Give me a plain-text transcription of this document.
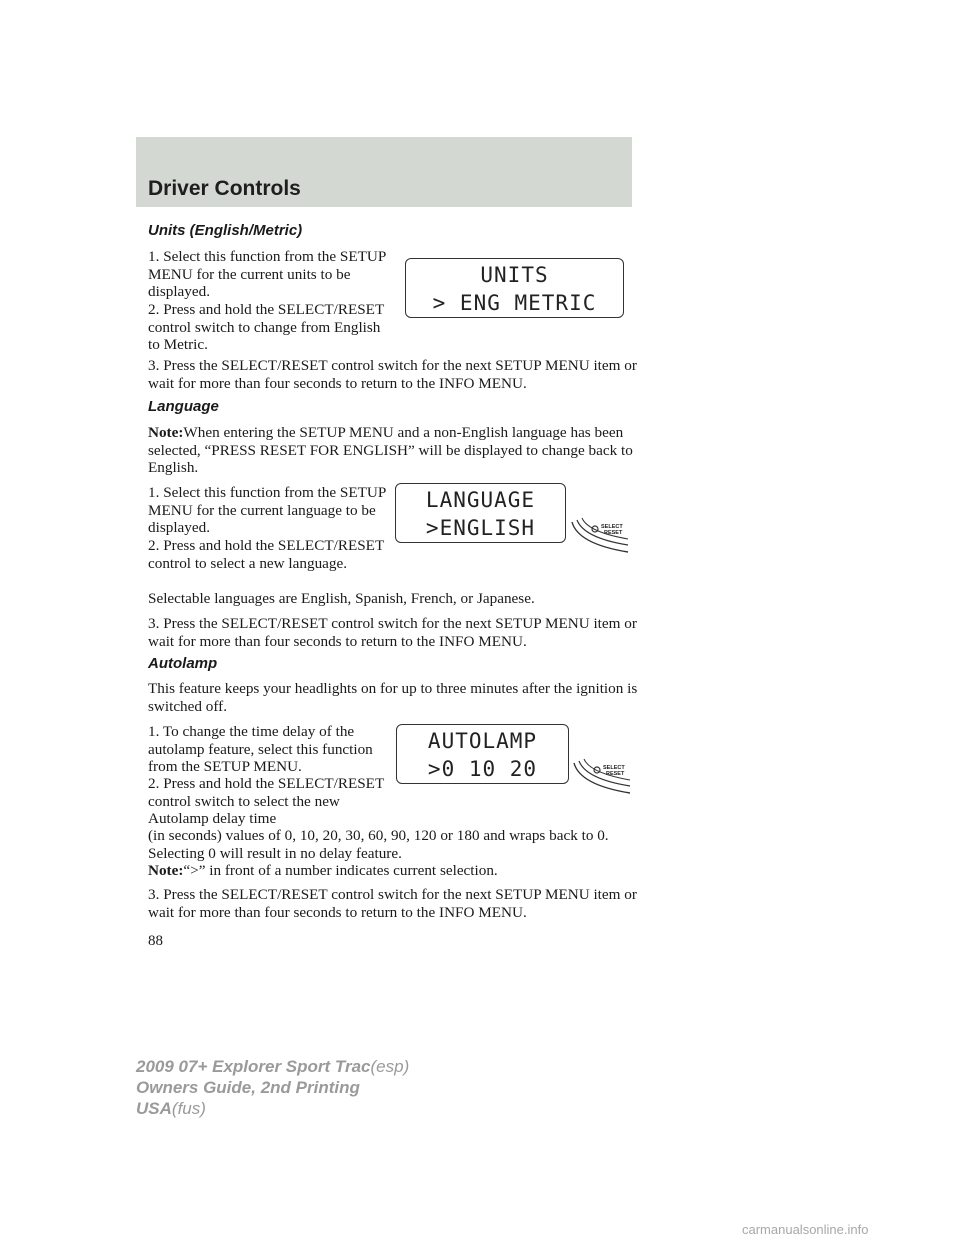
Driver Controls
Units (English/Metric)

1. Select this function from the SETUP MENU for the current units to be displayed.

2. Press and hold the SELECT/RESET control switch to change from English to Metric.

3. Press the SELECT/RESET control switch for the next SETUP MENU item or wait for more than four seconds to return to the INFO MENU.

Language

Note:When entering the SETUP MENU and a non-English language has been selected, “PRESS RESET FOR ENGLISH” will be displayed to change back to English.

1. Select this function from the SETUP MENU for the current language to be displayed.

2. Press and hold the SELECT/RESET control to select a new language.

Selectable languages are English, Spanish, French, or Japanese.

3. Press the SELECT/RESET control switch for the next SETUP MENU item or wait for more than four seconds to return to the INFO MENU.

Autolamp

This feature keeps your headlights on for up to three minutes after the ignition is switched off.

1. To change the time delay of the autolamp feature, select this function from the SETUP MENU.

2. Press and hold the SELECT/RESET control switch to select the new Autolamp delay time

(in seconds) values of 0, 10, 20, 30, 60, 90, 120 or 180 and wraps back to 0. Selecting 0 will result in no delay feature.

Note:“>” in front of a number indicates current selection.

3. Press the SELECT/RESET control switch for the next SETUP MENU item or wait for more than four seconds to return to the INFO MENU.

88

UNITS
> ENG METRIC
LANGUAGE
>ENGLISH	SELECT
RESET
AUTOLAMP
>0 10 20	SELECT
RESET
2009 07+ Explorer Sport Trac(esp)
Owners Guide, 2nd Printing
USA(fus)
carmanualsonline.info
